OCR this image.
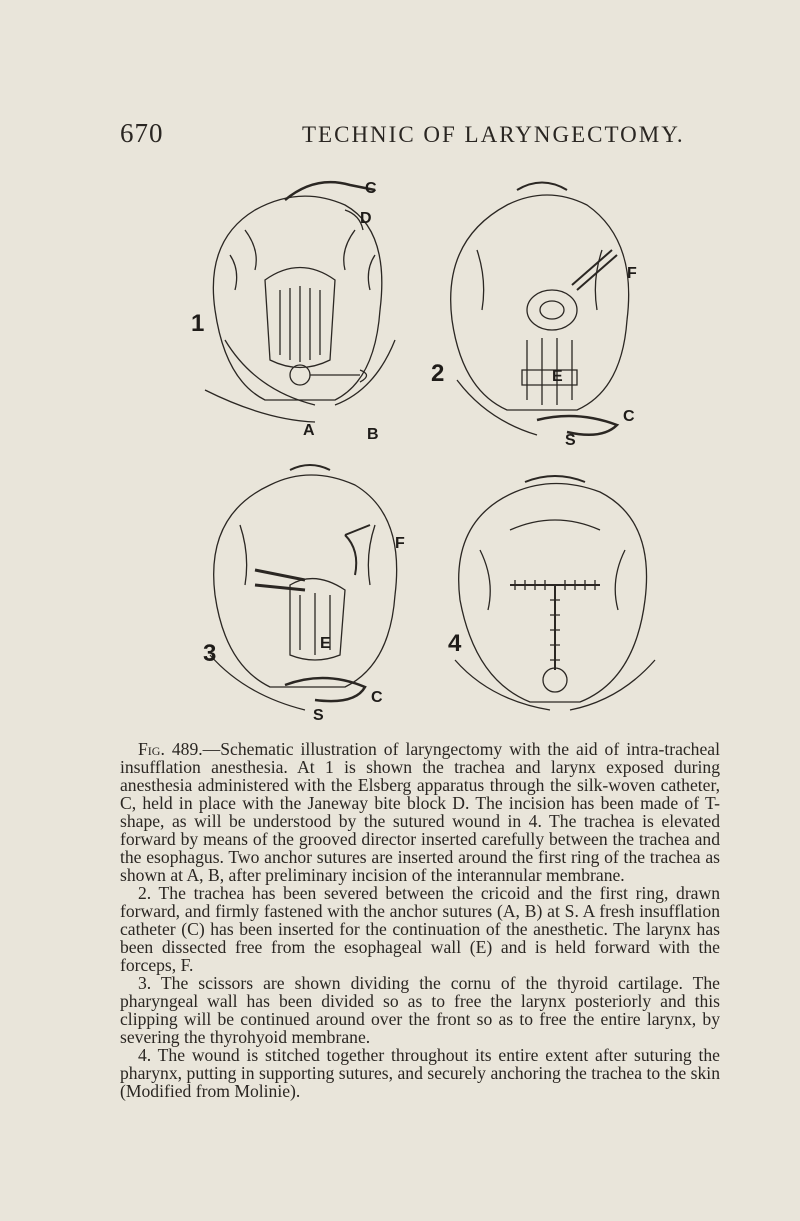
670	TECHNIC OF LARYNGECTOMY.
1
C
D
A	B
2
F
E
C
S
3
F
E
C
S
4

Fig. 489.—Schematic illustration of laryngectomy with the aid of intra-tracheal insufflation anesthesia. At 1 is shown the trachea and larynx exposed during anesthesia administered with the Elsberg apparatus through the silk-woven catheter, C, held in place with the Janeway bite block D. The incision has been made of T-shape, as will be understood by the sutured wound in 4. The trachea is elevated forward by means of the grooved director inserted carefully between the trachea and the esophagus. Two anchor sutures are inserted around the first ring of the trachea as shown at A, B, after preliminary incision of the interannular membrane.

2. The trachea has been severed between the cricoid and the first ring, drawn forward, and firmly fastened with the anchor sutures (A, B) at S. A fresh insufflation catheter (C) has been inserted for the continuation of the anesthetic. The larynx has been dissected free from the esophageal wall (E) and is held forward with the forceps, F.

3. The scissors are shown dividing the cornu of the thyroid cartilage. The pharyngeal wall has been divided so as to free the larynx posteriorly and this clipping will be continued around over the front so as to free the entire larynx, by severing the thyrohyoid membrane.

4. The wound is stitched together throughout its entire extent after suturing the pharynx, putting in supporting sutures, and securely anchoring the trachea to the skin (Modified from Molinie).
